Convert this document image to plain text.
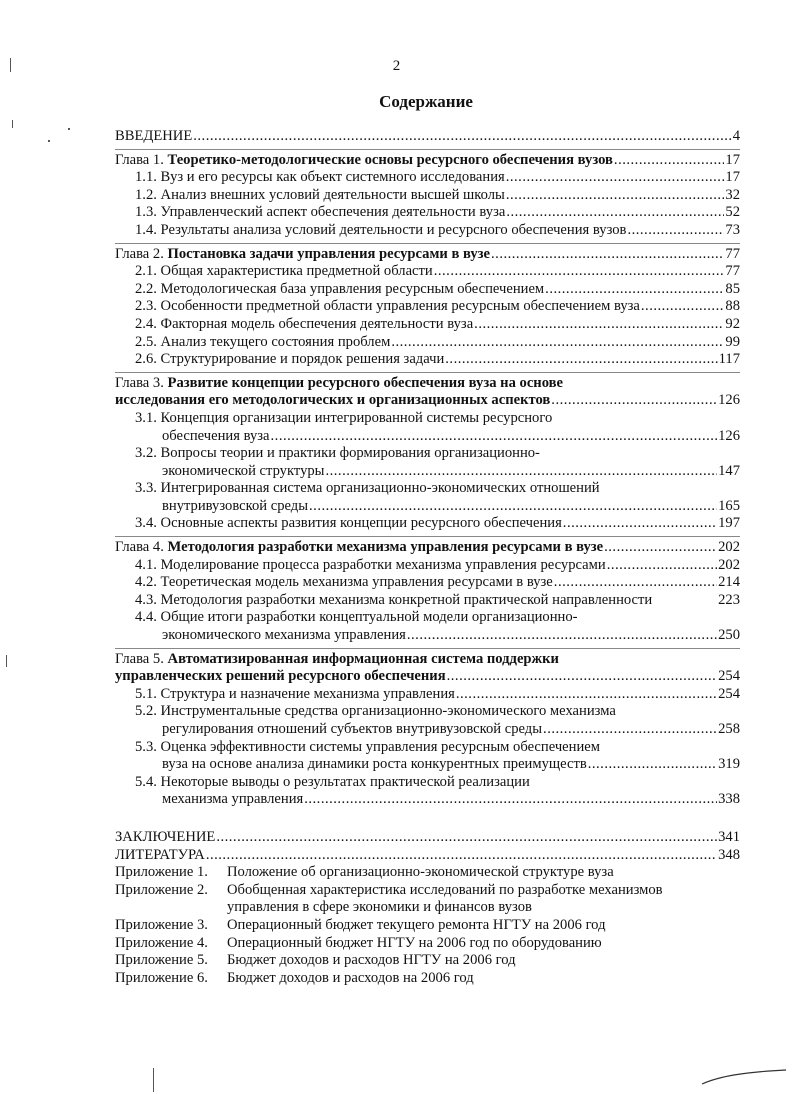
2
Содержание
ВВЕДЕНИЕ .....	4
Глава 1. Теоретико-методологические основы ресурсного обеспечения вузов .....	17
1.1. Вуз и его ресурсы как объект системного исследования .....	17
1.2. Анализ внешних условий деятельности высшей школы .....	32
1.3. Управленческий аспект обеспечения деятельности вуза .....	52
1.4. Результаты анализа условий деятельности и ресурсного обеспечения вузов .....	73
Глава 2. Постановка задачи управления ресурсами в вузе .....	77
2.1. Общая характеристика предметной области .....	77
2.2. Методологическая база управления ресурсным обеспечением .....	85
2.3. Особенности предметной области управления ресурсным обеспечением вуза .....	88
2.4. Факторная модель обеспечения деятельности вуза .....	92
2.5. Анализ текущего состояния проблем .....	99
2.6. Структурирование и порядок решения задачи .....	117
Глава 3. Развитие концепции ресурсного обеспечения вуза на основе
исследования его методологических и организационных аспектов .....	126
3.1. Концепция организации интегрированной системы ресурсного
обеспечения вуза .....	126
3.2. Вопросы теории и практики формирования организационно-
экономической структуры .....	147
3.3. Интегрированная система организационно-экономических отношений
внутривузовской среды .....	165
3.4. Основные аспекты развития концепции ресурсного обеспечения .....	197
Глава 4. Методология разработки механизма управления ресурсами в вузе .....	202
4.1. Моделирование процесса разработки механизма управления ресурсами .....	202
4.2. Теоретическая модель механизма управления ресурсами в вузе .....	214
4.3. Методология разработки механизма конкретной практической направленности	223
4.4. Общие итоги разработки концептуальной модели организационно-
экономического механизма управления .....	250
Глава 5. Автоматизированная информационная система поддержки
управленческих решений ресурсного обеспечения .....	254
5.1. Структура и назначение механизма управления .....	254
5.2. Инструментальные средства организационно-экономического механизма
регулирования отношений субъектов внутривузовской среды .....	258
5.3. Оценка эффективности системы управления ресурсным обеспечением
вуза на основе анализа динамики роста конкурентных преимуществ .....	319
5.4. Некоторые выводы о результатах практической реализации
механизма управления .....	338
ЗАКЛЮЧЕНИЕ .....	341
ЛИТЕРАТУРА .....	348
Приложение 1.	Положение об организационно-экономической структуре вуза
Приложение 2.	Обобщенная характеристика исследований по разработке механизмов
управления в сфере экономики и финансов вузов
Приложение 3.	Операционный бюджет текущего ремонта НГТУ на 2006 год
Приложение 4.	Операционный бюджет НГТУ на 2006 год по оборудованию
Приложение 5.	Бюджет доходов и расходов НГТУ на 2006 год
Приложение 6.	Бюджет доходов и расходов на 2006 год
